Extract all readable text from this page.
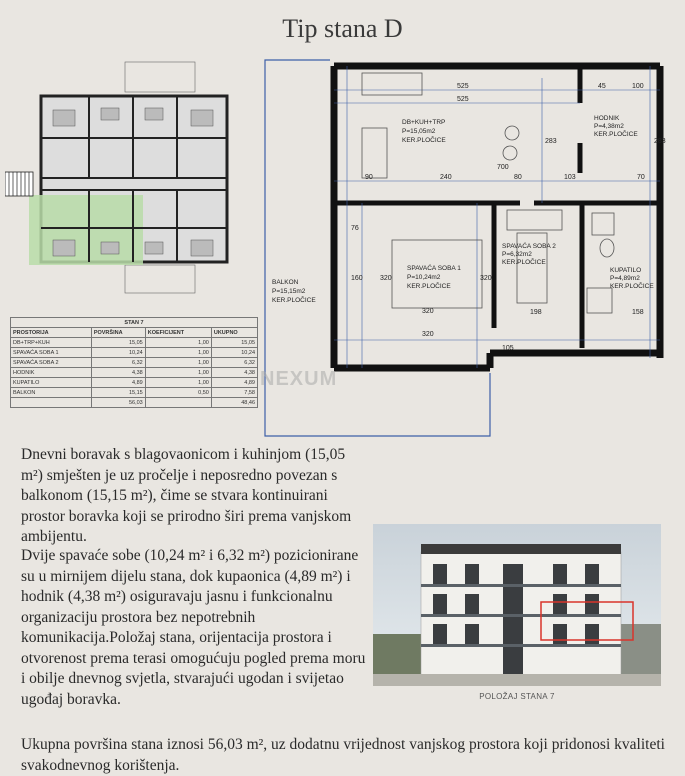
Tip stana D
STAN 7			
PROSTORIJA	POVRŠINA	KOEFICIJENT	UKUPNO
DB+TRP+KUH	15,05	1,00	15,05
SPAVAĆA SOBA 1	10,24	1,00	10,24
SPAVAĆA SOBA 2	6,32	1,00	6,32
HODNIK	4,38	1,00	4,38
KUPATILO	4,89	1,00	4,89
BALKON	15,15	0,50	7,58
	56,03		48,46
DB+KUH+TRP
P=15,05m2
KER.PLOČICE
HODNIK
P=4,38m2
KER.PLOČICE
SPAVAĆA SOBA 1
P=10,24m2
KER.PLOČICE
SPAVAĆA SOBA 2
P=6,32m2
KER.PLOČICE
KUPATILO
P=4,89m2
KER.PLOČICE
BALKON
P=15,15m2
KER.PLOČICE
525
525
45	100
700
90	240	80	103	70
76
160 320
320
320
320
198	158
283	283
105
NEXUM
Dnevni boravak s blagovaonicom i kuhinjom (15,05 m²) smješten je uz pročelje i neposredno povezan s balkonom (15,15 m²), čime se stvara kontinuirani prostor boravka koji se prirodno širi prema vanjskom ambijentu.
Dvije spavaće sobe (10,24 m² i 6,32 m²) pozicionirane su u mirnijem dijelu stana, dok kupaonica (4,89 m²) i hodnik (4,38 m²) osiguravaju jasnu i funkcionalnu organizaciju prostora bez nepotrebnih komunikacija.Položaj stana, orijentacija prostora i otvorenost prema terasi omogućuju pogled prema moru i obilje dnevnog svjetla, stvarajući ugodan i svijetao ugođaj boravka.
Ukupna površina stana iznosi 56,03 m², uz dodatnu vrijednost vanjskog prostora koji pridonosi kvaliteti svakodnevnog korištenja.
POLOŽAJ STANA 7
